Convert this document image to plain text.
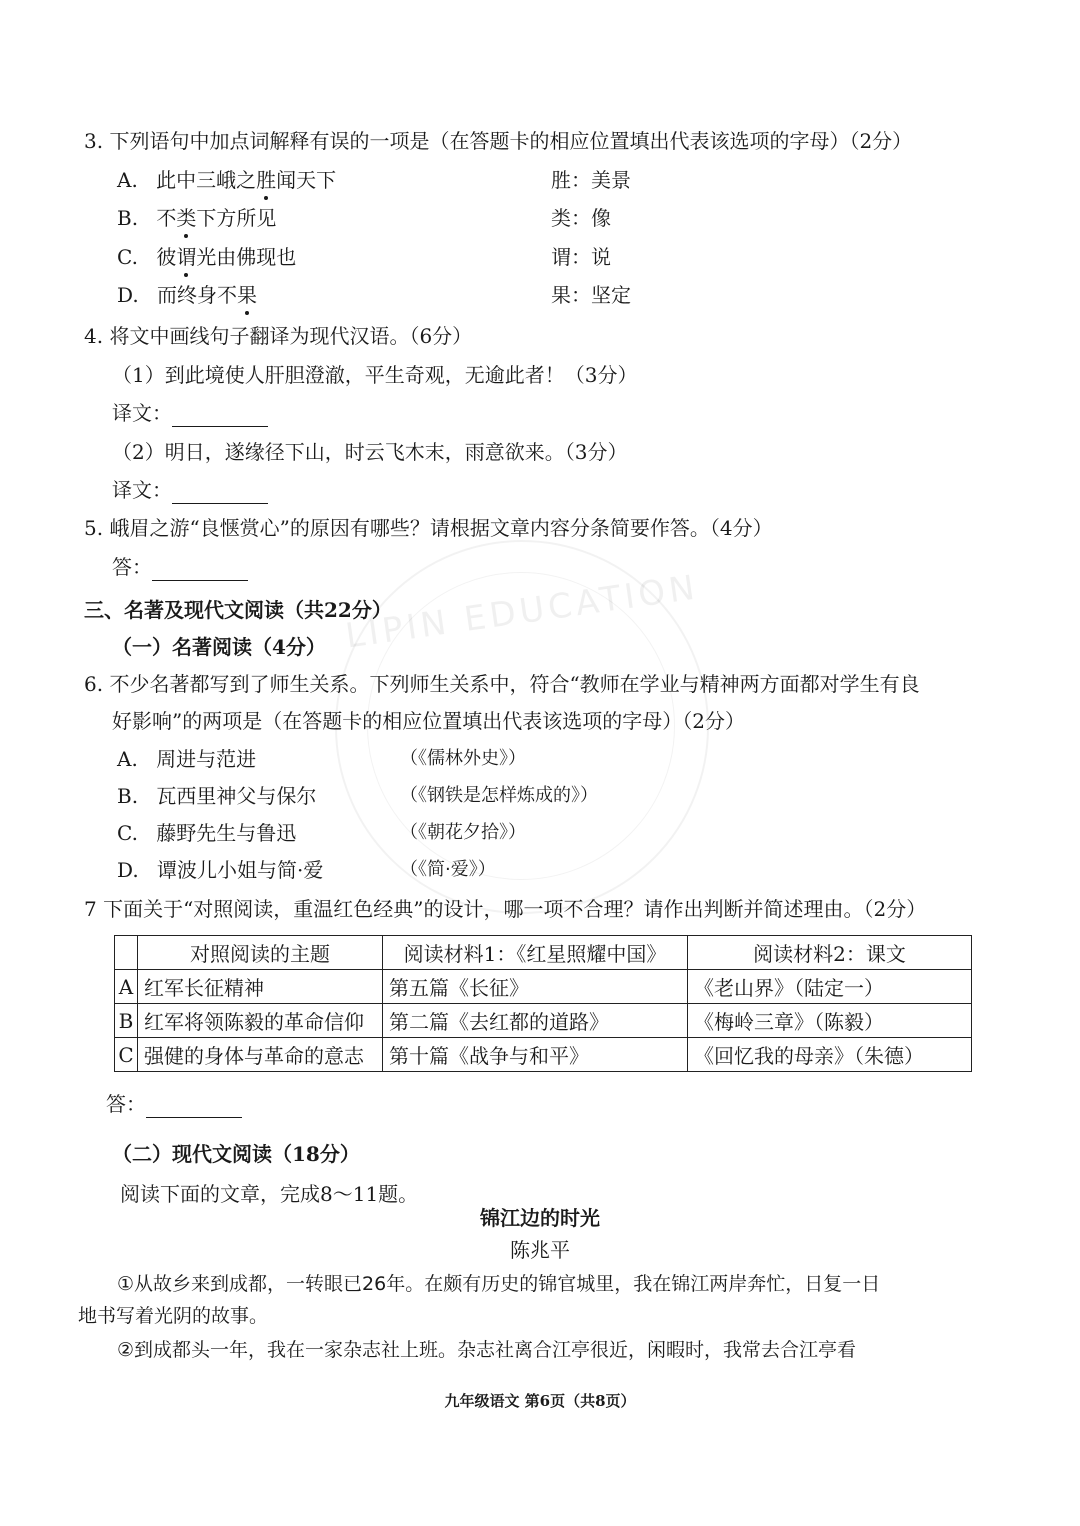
LIPIN EDUCATION
3. 下列语句中加点词解释有误的一项是（在答题卡的相应位置填出代表该选项的字母）（2分）
A. 此中三峨之胜闻天下	胜：美景
B. 不类下方所见	类：像
C. 彼谓光由佛现也	谓：说
D. 而终身不果	果：坚定
4. 将文中画线句子翻译为现代汉语。（6分）
（1）到此境使人肝胆澄澈，平生奇观，无逾此者！（3分）
译文：
（2）明日，遂缘径下山，时云飞木末，雨意欲来。（3分）
译文：
5. 峨眉之游“良惬赏心”的原因有哪些？请根据文章内容分条简要作答。（4分）
答：
三、名著及现代文阅读（共22分）
（一）名著阅读（4分）
6. 不少名著都写到了师生关系。下列师生关系中，符合“教师在学业与精神两方面都对学生有良
好影响”的两项是（在答题卡的相应位置填出代表该选项的字母）（2分）
A. 周进与范进	（《儒林外史》）
B. 瓦西里神父与保尔	（《钢铁是怎样炼成的》）
C. 藤野先生与鲁迅	（《朝花夕拾》）
D. 谭波儿小姐与简·爱	（《简·爱》）
7 下面关于“对照阅读，重温红色经典”的设计，哪一项不合理？请作出判断并简述理由。（2分）
	对照阅读的主题	阅读材料1：《红星照耀中国》	阅读材料2：课文
A	红军长征精神	第五篇《长征》	《老山界》（陆定一）
B	红军将领陈毅的革命信仰	第二篇《去红都的道路》	《梅岭三章》（陈毅）
C	强健的身体与革命的意志	第十篇《战争与和平》	《回忆我的母亲》（朱德）
答：
（二）现代文阅读（18分）
阅读下面的文章，完成8～11题。
锦江边的时光
陈兆平
①从故乡来到成都，一转眼已26年。在颇有历史的锦官城里，我在锦江两岸奔忙，日复一日
地书写着光阴的故事。
②到成都头一年，我在一家杂志社上班。杂志社离合江亭很近，闲暇时，我常去合江亭看
九年级语文 第6页（共8页）
